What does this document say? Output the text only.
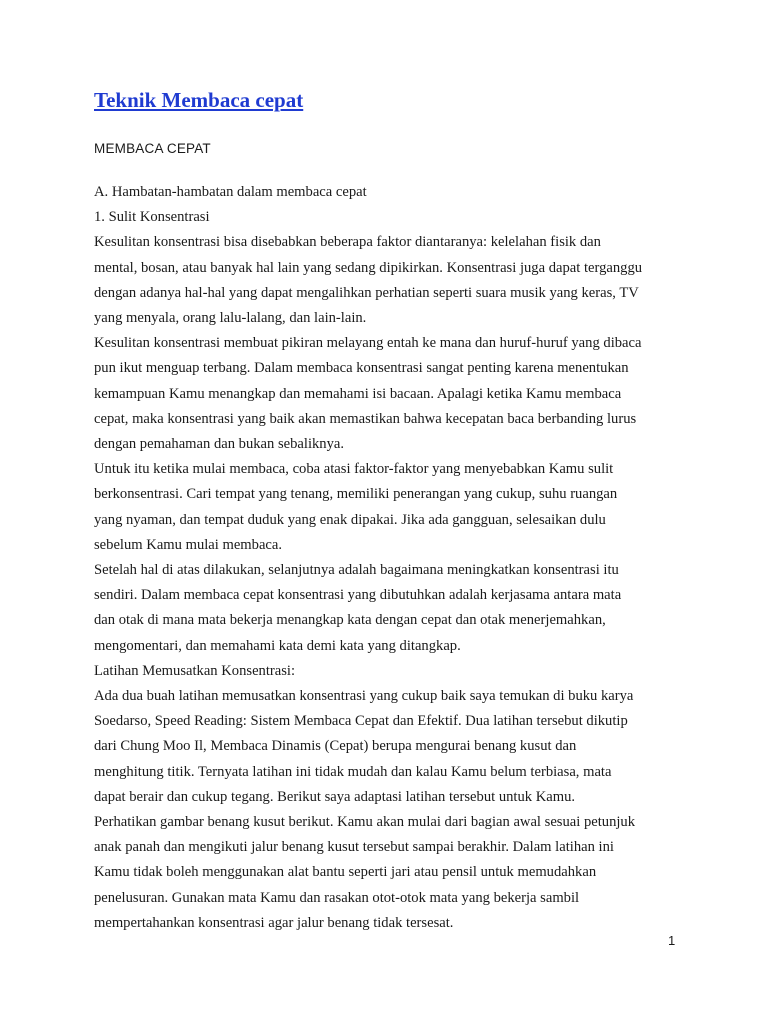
Teknik Membaca cepat
MEMBACA CEPAT

A. Hambatan-hambatan dalam membaca cepat

1. Sulit Konsentrasi

Kesulitan konsentrasi bisa disebabkan beberapa faktor diantaranya: kelelahan fisik dan

mental, bosan, atau banyak hal lain yang sedang dipikirkan. Konsentrasi juga dapat terganggu

dengan adanya hal-hal yang dapat mengalihkan perhatian seperti suara musik yang keras, TV

yang menyala, orang lalu-lalang, dan lain-lain.

Kesulitan konsentrasi membuat pikiran melayang entah ke mana dan huruf-huruf yang dibaca

pun ikut menguap terbang. Dalam membaca konsentrasi sangat penting karena menentukan

kemampuan Kamu menangkap dan memahami isi bacaan. Apalagi ketika Kamu membaca

cepat, maka konsentrasi yang baik akan memastikan bahwa kecepatan baca berbanding lurus

dengan pemahaman dan bukan sebaliknya.

Untuk itu ketika mulai membaca, coba atasi faktor-faktor yang menyebabkan Kamu sulit

berkonsentrasi. Cari tempat yang tenang, memiliki penerangan yang cukup, suhu ruangan

yang nyaman, dan tempat duduk yang enak dipakai. Jika ada gangguan, selesaikan dulu

sebelum Kamu mulai membaca.

Setelah hal di atas dilakukan, selanjutnya adalah bagaimana meningkatkan konsentrasi itu

sendiri. Dalam membaca cepat konsentrasi yang dibutuhkan adalah kerjasama antara mata

dan otak di mana mata bekerja menangkap kata dengan cepat dan otak menerjemahkan,

mengomentari, dan memahami kata demi kata yang ditangkap.

Latihan Memusatkan Konsentrasi:

Ada dua buah latihan memusatkan konsentrasi yang cukup baik saya temukan di buku karya

Soedarso, Speed Reading: Sistem Membaca Cepat dan Efektif. Dua latihan tersebut dikutip

dari Chung Moo Il, Membaca Dinamis (Cepat) berupa mengurai benang kusut dan

menghitung titik. Ternyata latihan ini tidak mudah dan kalau Kamu belum terbiasa, mata

dapat berair dan cukup tegang. Berikut saya adaptasi latihan tersebut untuk Kamu.

Perhatikan gambar benang kusut berikut. Kamu akan mulai dari bagian awal sesuai petunjuk

anak panah dan mengikuti jalur benang kusut tersebut sampai berakhir. Dalam latihan ini

Kamu tidak boleh menggunakan alat bantu seperti jari atau pensil untuk memudahkan

penelusuran. Gunakan mata Kamu dan rasakan otot-otok mata yang bekerja sambil

mempertahankan konsentrasi agar jalur benang tidak tersesat.

1
